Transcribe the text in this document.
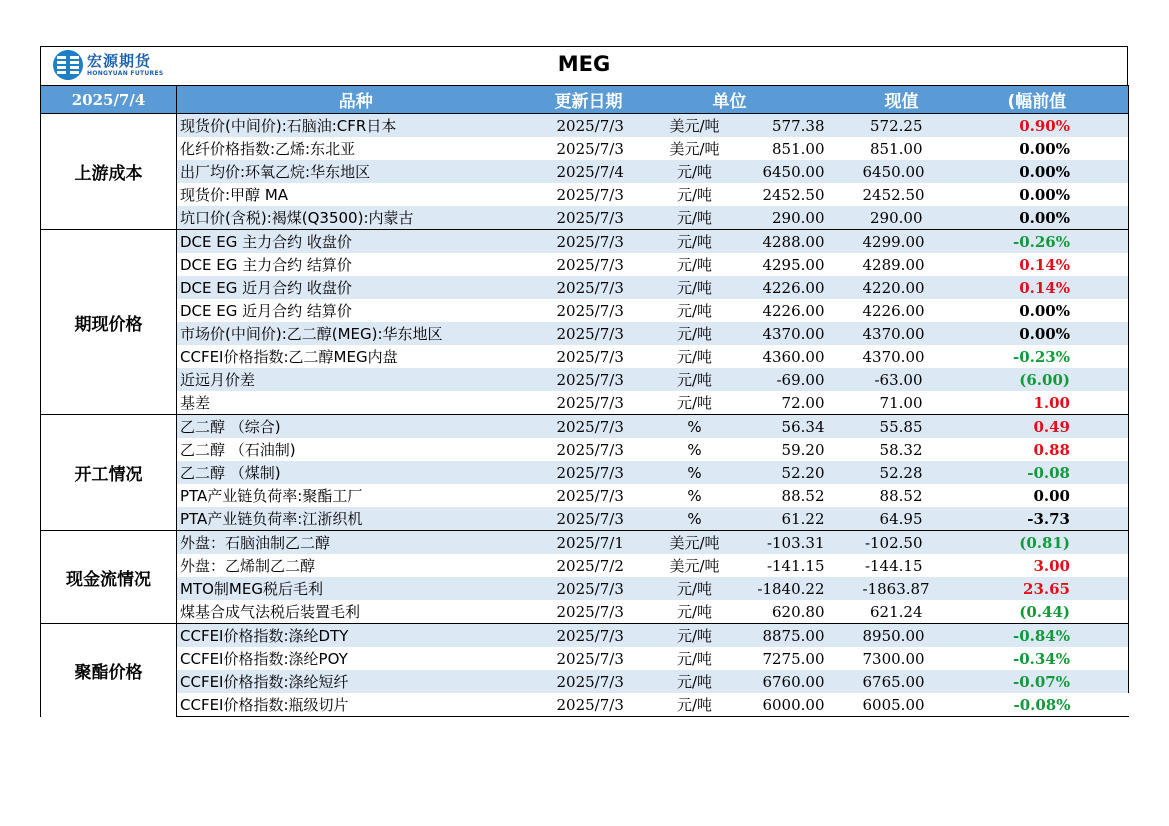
宏源期货
HONGYUAN FUTURES	MEG
2025/7/4	品种	更新日期	单位		现值	(幅前值
上游成本	现货价(中间价):石脑油:CFR日本	2025/7/3	美元/吨	577.38	572.25	0.90%
	化纤价格指数:乙烯:东北亚	2025/7/3	美元/吨	851.00	851.00	0.00%
	出厂均价:环氧乙烷:华东地区	2025/7/4	元/吨	6450.00	6450.00	0.00%
	现货价:甲醇 MA	2025/7/3	元/吨	2452.50	2452.50	0.00%
	坑口价(含税):褐煤(Q3500):内蒙古	2025/7/3	元/吨	290.00	290.00	0.00%
期现价格	DCE EG 主力合约 收盘价	2025/7/3	元/吨	4288.00	4299.00	-0.26%
	DCE EG 主力合约 结算价	2025/7/3	元/吨	4295.00	4289.00	0.14%
	DCE EG 近月合约 收盘价	2025/7/3	元/吨	4226.00	4220.00	0.14%
	DCE EG 近月合约 结算价	2025/7/3	元/吨	4226.00	4226.00	0.00%
	市场价(中间价):乙二醇(MEG):华东地区	2025/7/3	元/吨	4370.00	4370.00	0.00%
	CCFEI价格指数:乙二醇MEG内盘	2025/7/3	元/吨	4360.00	4370.00	-0.23%
	近远月价差	2025/7/3	元/吨	-69.00	-63.00	(6.00)
	基差	2025/7/3	元/吨	72.00	71.00	1.00
开工情况	乙二醇 （综合)	2025/7/3	%	56.34	55.85	0.49
	乙二醇 （石油制)	2025/7/3	%	59.20	58.32	0.88
	乙二醇 （煤制)	2025/7/3	%	52.20	52.28	-0.08
	PTA产业链负荷率:聚酯工厂	2025/7/3	%	88.52	88.52	0.00
	PTA产业链负荷率:江浙织机	2025/7/3	%	61.22	64.95	-3.73
现金流情况	外盘：石脑油制乙二醇	2025/7/1	美元/吨	-103.31	-102.50	(0.81)
	外盘：乙烯制乙二醇	2025/7/2	美元/吨	-141.15	-144.15	3.00
	MTO制MEG税后毛利	2025/7/3	元/吨	-1840.22	-1863.87	23.65
	煤基合成气法税后装置毛利	2025/7/3	元/吨	620.80	621.24	(0.44)
聚酯价格	CCFEI价格指数:涤纶DTY	2025/7/3	元/吨	8875.00	8950.00	-0.84%
	CCFEI价格指数:涤纶POY	2025/7/3	元/吨	7275.00	7300.00	-0.34%
	CCFEI价格指数:涤纶短纤	2025/7/3	元/吨	6760.00	6765.00	-0.07%
	CCFEI价格指数:瓶级切片	2025/7/3	元/吨	6000.00	6005.00	-0.08%
